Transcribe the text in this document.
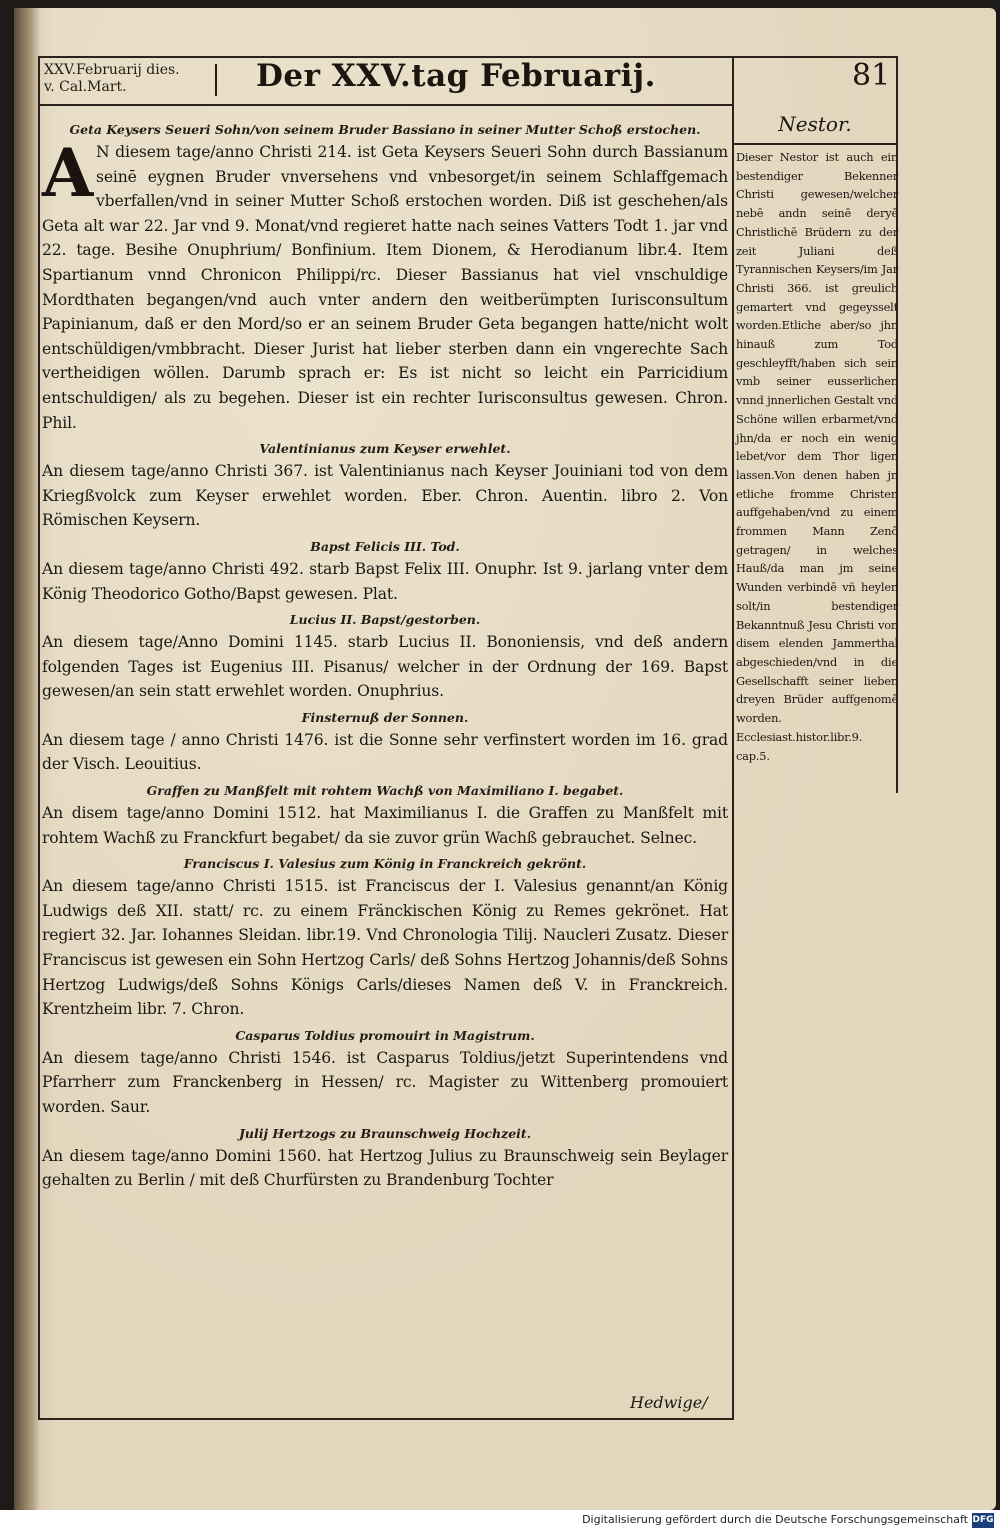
XXV.Februarij dies.
v. Cal.Mart.	Der XXV.tag Februarij.	81
Geta Keysers Seueri Sohn/von seinem Bruder Bassiano in seiner Mutter Schoß erstochen.
A N diesem tage/anno Christi 214. ist Geta Keysers Seueri Sohn durch Bassianum seinē eygnen Bruder vnversehens vnd vnbesorget/in seinem Schlaffgemach vberfallen/vnd in seiner Mutter Schoß erstochen worden. Diß ist geschehen/als Geta alt war 22. Jar vnd 9. Monat/vnd regieret hatte nach seines Vatters Todt 1. jar vnd 22. tage. Besihe Onuphrium/ Bonfinium. Item Dionem, & Herodianum libr.4. Item Spartianum vnnd Chronicon Philippi/rc. Dieser Bassianus hat viel vnschuldige Mordthaten begangen/vnd auch vnter andern den weitberümpten Iurisconsultum Papinianum, daß er den Mord/so er an seinem Bruder Geta begangen hatte/nicht wolt entschüldigen/vmbbracht. Dieser Jurist hat lieber sterben dann ein vngerechte Sach vertheidigen wöllen. Darumb sprach er: Es ist nicht so leicht ein Parricidium entschuldigen/ als zu begehen. Dieser ist ein rechter Iurisconsultus gewesen. Chron. Phil.
Valentinianus zum Keyser erwehlet.
An diesem tage/anno Christi 367. ist Valentinianus nach Keyser Jouiniani tod von dem Kriegßvolck zum Keyser erwehlet worden. Eber. Chron. Auentin. libro 2. Von Römischen Keysern.
Bapst Felicis III. Tod.
An diesem tage/anno Christi 492. starb Bapst Felix III. Onuphr. Ist 9. jarlang vnter dem König Theodorico Gotho/Bapst gewesen. Plat.
Lucius II. Bapst/gestorben.
An diesem tage/Anno Domini 1145. starb Lucius II. Bononiensis, vnd deß andern folgenden Tages ist Eugenius III. Pisanus/ welcher in der Ordnung der 169. Bapst gewesen/an sein statt erwehlet worden. Onuphrius.
Finsternuß der Sonnen.
An diesem tage / anno Christi 1476. ist die Sonne sehr verfinstert worden im 16. grad der Visch. Leouitius.
Graffen zu Manßfelt mit rohtem Wachß von Maximiliano I. begabet.
An disem tage/anno Domini 1512. hat Maximilianus I. die Graffen zu Manßfelt mit rohtem Wachß zu Franckfurt begabet/ da sie zuvor grün Wachß gebrauchet. Selnec.
Franciscus I. Valesius zum König in Franckreich gekrönt.
An diesem tage/anno Christi 1515. ist Franciscus der I. Valesius genannt/an König Ludwigs deß XII. statt/ rc. zu einem Fränckischen König zu Remes gekrönet. Hat regiert 32. Jar. Iohannes Sleidan. libr.19. Vnd Chronologia Tilij. Naucleri Zusatz. Dieser Franciscus ist gewesen ein Sohn Hertzog Carls/ deß Sohns Hertzog Johannis/deß Sohns Hertzog Ludwigs/deß Sohns Königs Carls/dieses Namen deß V. in Franckreich. Krentzheim libr. 7. Chron.
Casparus Toldius promouirt in Magistrum.
An diesem tage/anno Christi 1546. ist Casparus Toldius/jetzt Superintendens vnd Pfarrherr zum Franckenberg in Hessen/ rc. Magister zu Wittenberg promouiert worden. Saur.
Julij Hertzogs zu Braunschweig Hochzeit.
An diesem tage/anno Domini 1560. hat Hertzog Julius zu Braunschweig sein Beylager gehalten zu Berlin / mit deß Churfürsten zu Brandenburg Tochter
Hedwige/
Nestor.
Dieser Nestor ist auch ein bestendiger Bekenner Christi gewesen/welcher nebē andn seinē deryē Christlichē Brüdern zu der zeit Juliani deß Tyrannischen Keysers/im Jar Christi 366. ist greulich gemartert vnd gegeysselt worden.Etliche aber/so jhn hinauß zum Tod geschleyfft/haben sich sein vmb seiner eusserlichen vnnd jnnerlichen Gestalt vnd Schöne willen erbarmet/vnd jhn/da er noch ein wenig lebet/vor dem Thor ligen lassen.Von denen haben jn etliche fromme Christen auffgehaben/vnd zu einem frommen Mann Zenō getragen/ in welches Hauß/da man jm seine Wunden verbindē vñ heylen solt/in bestendiger Bekanntnuß Jesu Christi von disem elenden Jammerthal abgeschieden/vnd in die Gesellschafft seiner lieben dreyen Brüder auffgenomē worden. Ecclesiast.histor.libr.9. cap.5.
Digitalisierung gefördert durch die Deutsche Forschungsgemeinschaft DFG
